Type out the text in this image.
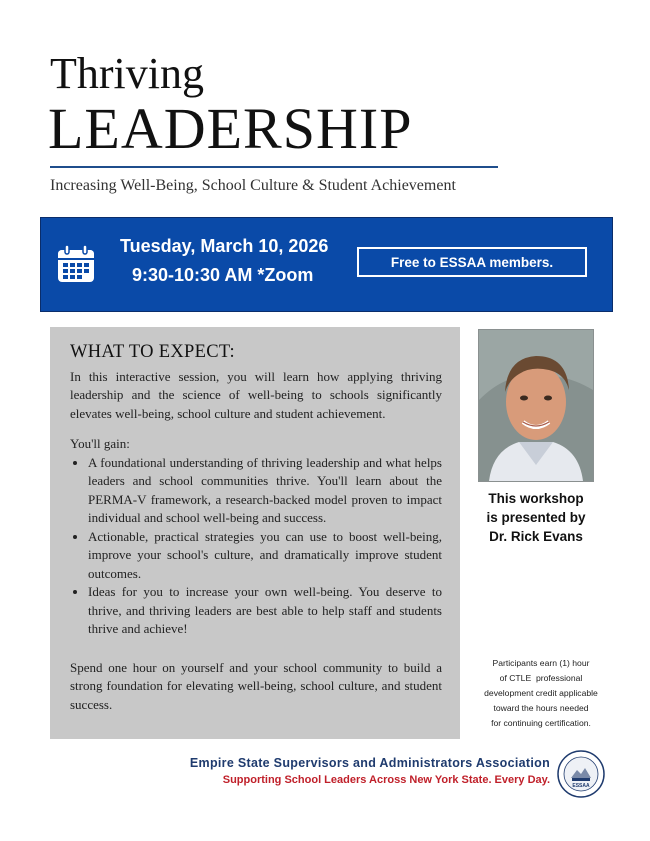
Thriving
LEADERSHIP
Increasing Well-Being, School Culture & Student Achievement
Tuesday, March 10, 2026
9:30-10:30 AM *Zoom
Free to ESSAA members.
WHAT TO EXPECT:

In this interactive session, you will learn how applying thriving leadership and the science of well-being to schools significantly elevates well-being, school culture and student achievement.

You'll gain:

• A foundational understanding of thriving leadership and what helps leaders and school communities thrive. You'll learn about the PERMA-V framework, a research-backed model proven to impact individual and school well-being and success.
• Actionable, practical strategies you can use to boost well-being, improve your school's culture, and dramatically improve student outcomes.
• Ideas for you to increase your own well-being. You deserve to thrive, and thriving leaders are best able to help staff and students thrive and achieve!

Spend one hour on yourself and your school community to build a strong foundation for elevating well-being, school culture, and student success.

This workshop
is presented by
Dr. Rick Evans
Participants earn (1) hour
of CTLE  professional
development credit applicable
toward the hours needed
for continuing certification.
Empire State Supervisors and Administrators Association
Supporting School Leaders Across New York State. Every Day.	ESSAA
